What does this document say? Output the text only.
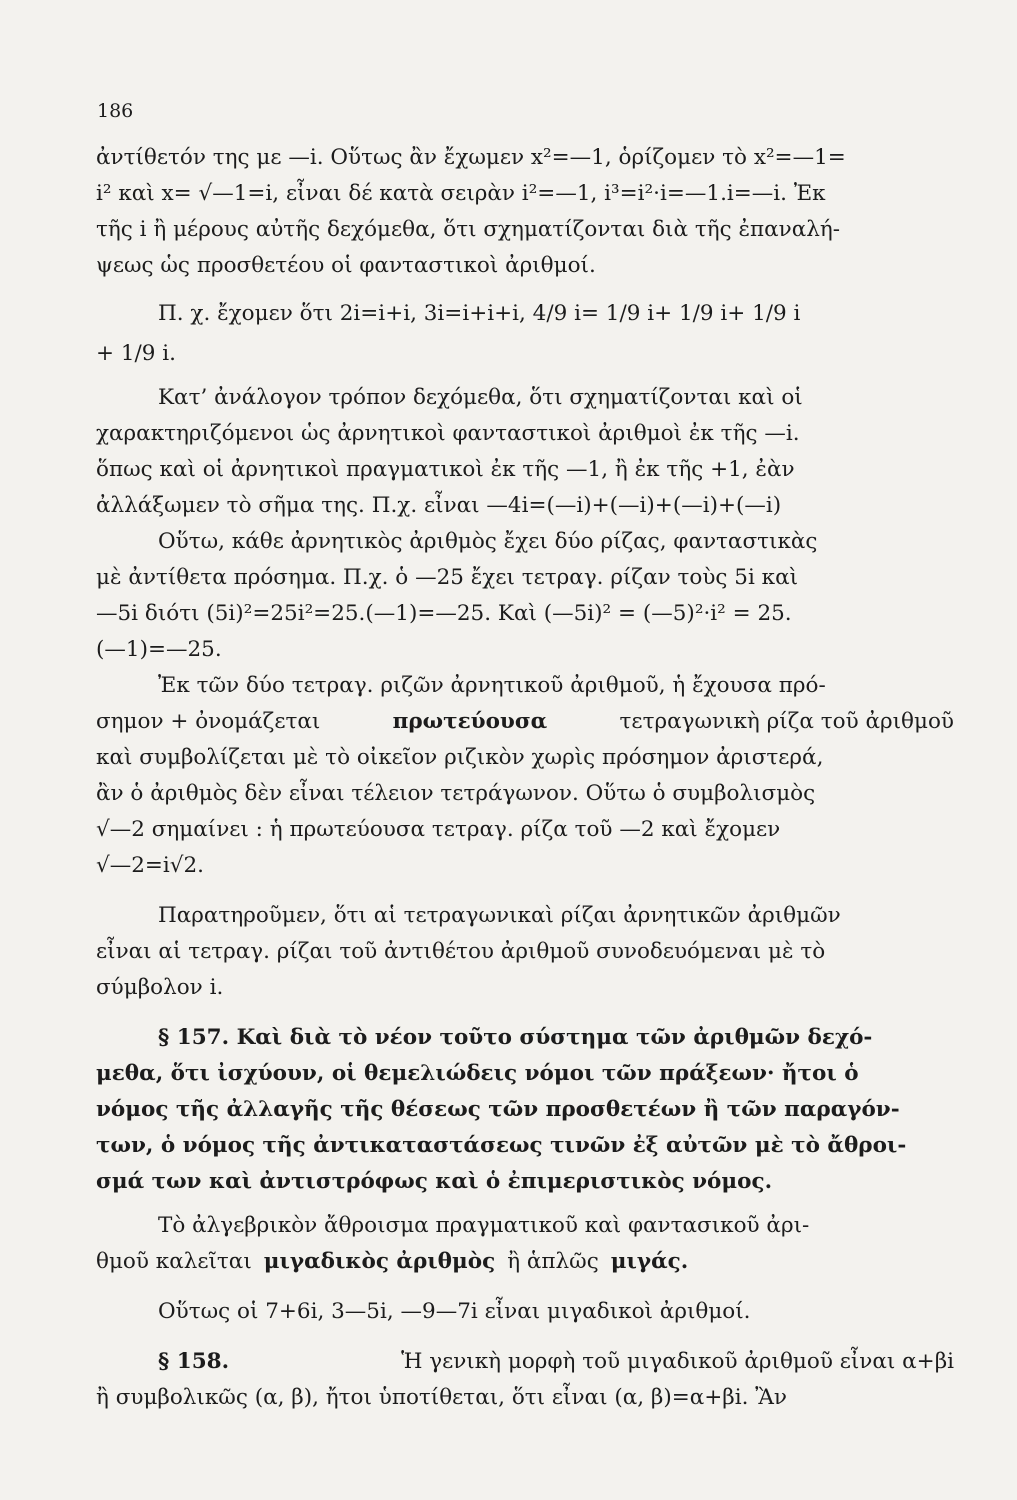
186
ἀντίθετόν της με —i. Οὕτως ἂν ἔχωμεν x²=—1, ὁρίζομεν τὸ x²=—1=
i² καὶ x= √—1=i, εἶναι δέ κατὰ σειρὰν i²=—1, i³=i²·i=—1.i=—i. Ἐκ
τῆς i ἢ μέρους αὐτῆς δεχόμεθα, ὅτι σχηματίζονται διὰ τῆς ἐπαναλή-
ψεως ὡς προσθετέου οἱ φανταστικοὶ ἀριθμοί.
Π. χ. ἔχομεν ὅτι 2i=i+i, 3i=i+i+i, 4/9 i= 1/9 i+ 1/9 i+ 1/9 i
+ 1/9 i.
Κατ’ ἀνάλογον τρόπον δεχόμεθα, ὅτι σχηματίζονται καὶ οἱ
χαρακτηριζόμενοι ὡς ἀρνητικοὶ φανταστικοὶ ἀριθμοὶ ἐκ τῆς —i.
ὅπως καὶ οἱ ἀρνητικοὶ πραγματικοὶ ἐκ τῆς —1, ἢ ἐκ τῆς +1, ἐὰν
ἀλλάξωμεν τὸ σῆμα της. Π.χ. εἶναι —4i=(—i)+(—i)+(—i)+(—i)
Οὕτω, κάθε ἀρνητικὸς ἀριθμὸς ἔχει δύο ρίζας, φανταστικὰς
μὲ ἀντίθετα πρόσημα. Π.χ. ὁ —25 ἔχει τετραγ. ρίζαν τοὺς 5i καὶ
—5i διότι (5i)²=25i²=25.(—1)=—25. Καὶ (—5i)² = (—5)²·i² = 25.
(—1)=—25.
Ἐκ τῶν δύο τετραγ. ριζῶν ἀρνητικοῦ ἀριθμοῦ, ἡ ἔχουσα πρό-
σημον + ὀνομάζεται	πρωτεύουσα	τετραγωνικὴ ρίζα τοῦ ἀριθμοῦ
καὶ συμβολίζεται μὲ τὸ οἰκεῖον ριζικὸν χωρὶς πρόσημον ἀριστερά,
ἂν ὁ ἀριθμὸς δὲν εἶναι τέλειον τετράγωνον. Οὕτω ὁ συμβολισμὸς
√—2 σημαίνει : ἡ πρωτεύουσα τετραγ. ρίζα τοῦ —2 καὶ ἔχομεν
√—2=i√2.
Παρατηροῦμεν, ὅτι αἱ τετραγωνικαὶ ρίζαι ἀρνητικῶν ἀριθμῶν
εἶναι αἱ τετραγ. ρίζαι τοῦ ἀντιθέτου ἀριθμοῦ συνοδευόμεναι μὲ τὸ
σύμβολον i.
§ 157. Καὶ διὰ τὸ νέον τοῦτο σύστημα τῶν ἀριθμῶν δεχό-
μεθα, ὅτι ἰσχύουν, οἱ θεμελιώδεις νόμοι τῶν πράξεων· ἤτοι ὁ
νόμος τῆς ἀλλαγῆς τῆς θέσεως τῶν προσθετέων ἢ τῶν παραγόν-
των, ὁ νόμος τῆς ἀντικαταστάσεως τινῶν ἐξ αὐτῶν μὲ τὸ ἄθροι-
σμά των καὶ ἀντιστρόφως καὶ ὁ ἐπιμεριστικὸς νόμος.
Τὸ ἀλγεβρικὸν ἄθροισμα πραγματικοῦ καὶ φαντασικοῦ ἀρι-
θμοῦ καλεῖται μιγαδικὸς ἀριθμὸς ἢ ἁπλῶς μιγάς.
Οὕτως οἱ 7+6i, 3—5i, —9—7i εἶναι μιγαδικοὶ ἀριθμοί.
§ 158.	Ἡ γενικὴ μορφὴ τοῦ μιγαδικοῦ ἀριθμοῦ εἶναι α+βi
ἢ συμβολικῶς (α, β), ἤτοι ὑποτίθεται, ὅτι εἶναι (α, β)=α+βi. Ἂν
